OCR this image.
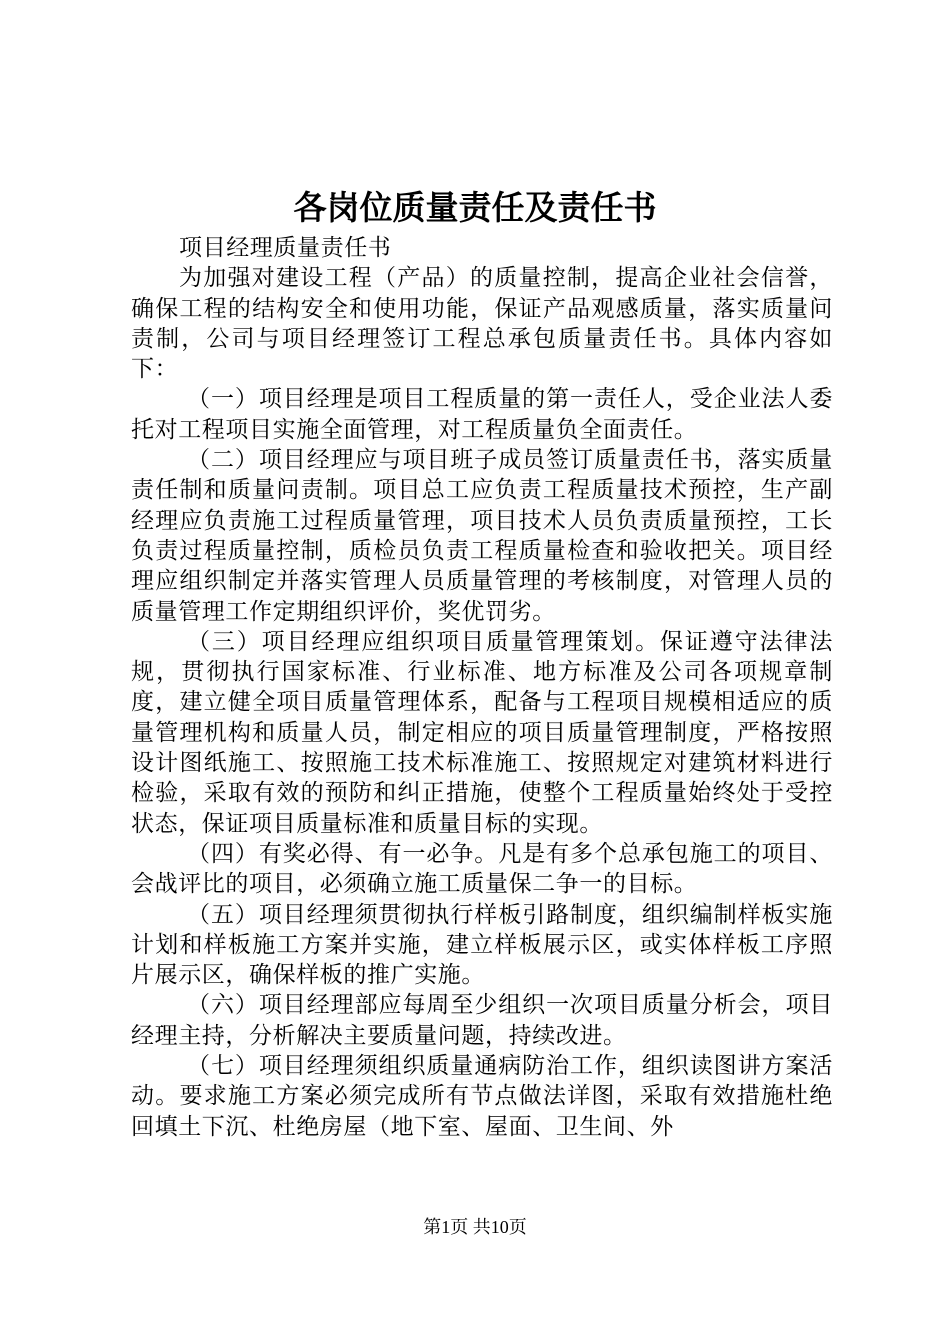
各岗位质量责任及责任书

项目经理质量责任书

为加强对建设工程（产品）的质量控制，提高企业社会信誉，确保工程的结构安全和使用功能，保证产品观感质量，落实质量问责制，公司与项目经理签订工程总承包质量责任书。具体内容如下：

（一）项目经理是项目工程质量的第一责任人，受企业法人委托对工程项目实施全面管理，对工程质量负全面责任。

（二）项目经理应与项目班子成员签订质量责任书，落实质量责任制和质量问责制。项目总工应负责工程质量技术预控，生产副经理应负责施工过程质量管理，项目技术人员负责质量预控，工长负责过程质量控制，质检员负责工程质量检查和验收把关。项目经理应组织制定并落实管理人员质量管理的考核制度，对管理人员的质量管理工作定期组织评价，奖优罚劣。

（三）项目经理应组织项目质量管理策划。保证遵守法律法规，贯彻执行国家标准、行业标准、地方标准及公司各项规章制度，建立健全项目质量管理体系，配备与工程项目规模相适应的质量管理机构和质量人员，制定相应的项目质量管理制度，严格按照设计图纸施工、按照施工技术标准施工、按照规定对建筑材料进行检验，采取有效的预防和纠正措施，使整个工程质量始终处于受控状态，保证项目质量标准和质量目标的实现。

（四）有奖必得、有一必争。凡是有多个总承包施工的项目、会战评比的项目，必须确立施工质量保二争一的目标。

（五）项目经理须贯彻执行样板引路制度，组织编制样板实施计划和样板施工方案并实施，建立样板展示区，或实体样板工序照片展示区，确保样板的推广实施。

（六）项目经理部应每周至少组织一次项目质量分析会，项目经理主持，分析解决主要质量问题，持续改进。

（七）项目经理须组织质量通病防治工作，组织读图讲方案活动。要求施工方案必须完成所有节点做法详图，采取有效措施杜绝回填土下沉、杜绝房屋（地下室、屋面、卫生间、外

第1页 共10页
